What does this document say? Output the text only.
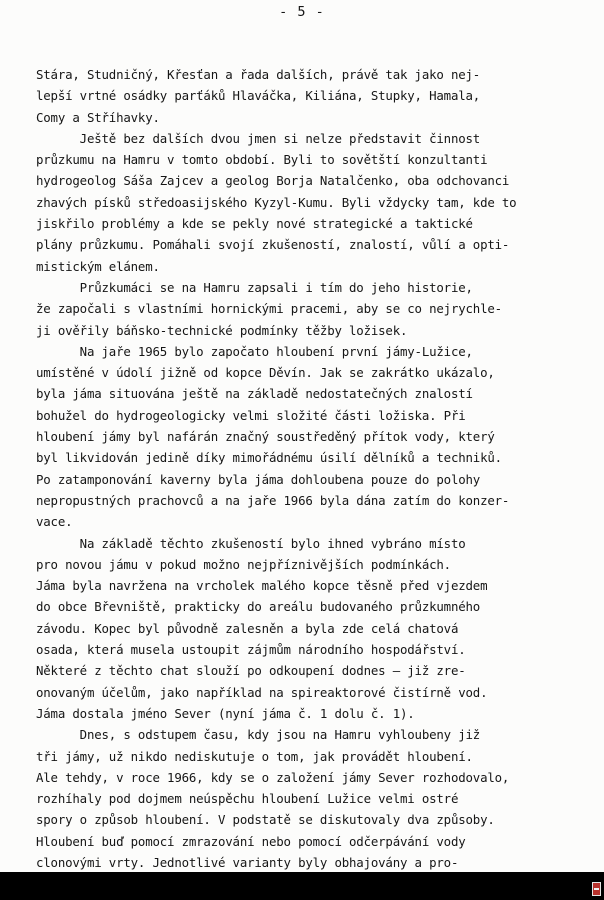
- 5 -
Stára, Studničný, Křesťan a řada dalších, právě tak jako nej-
lepší vrtné osádky parťáků Hlaváčka, Kiliána, Stupky, Hamala,
Comy a Stříhavky.
Ještě bez dalších dvou jmen si nelze představit činnost
průzkumu na Hamru v tomto období. Byli to sovětští konzultanti
hydrogeolog Sáša Zajcev a geolog Borja Natalčenko, oba odchovanci
zhavých písků středoasijského Kyzyl-Kumu. Byli vždycky tam, kde to
jiskřilo problémy a kde se pekly nové strategické a taktické
plány průzkumu. Pomáhali svojí zkušeností, znalostí, vůlí a opti-
mistickým elánem.
Průzkumáci se na Hamru zapsali i tím do jeho historie,
že započali s vlastními hornickými pracemi, aby se co nejrychle-
ji ověřily báňsko-technické podmínky těžby ložisek.
Na jaře 1965 bylo započato hloubení první jámy-Lužice,
umístěné v údolí jižně od kopce Děvín. Jak se zakrátko ukázalo,
byla jáma situována ještě na základě nedostatečných znalostí
bohužel do hydrogeologicky velmi složité části ložiska. Při
hloubení jámy byl nafárán značný soustředěný přítok vody, který
byl likvidován jedině díky mimořádnému úsilí dělníků a techniků.
Po zatamponování kaverny byla jáma dohloubena pouze do polohy
nepropustných prachovců a na jaře 1966 byla dána zatím do konzer-
vace.
Na základě těchto zkušeností bylo ihned vybráno místo
pro novou jámu v pokud možno nejpříznivějších podmínkách.
Jáma byla navržena na vrcholek malého kopce těsně před vjezdem
do obce Břevniště, prakticky do areálu budovaného průzkumného
závodu. Kopec byl původně zalesněn a byla zde celá chatová
osada, která musela ustoupit zájmům národního hospodářství.
Některé z těchto chat slouží po odkoupení dodnes – již zre-
onovaným účelům, jako například na spireaktorové čistírně vod.
Jáma dostala jméno Sever (nyní jáma č. 1 dolu č. 1).
Dnes, s odstupem času, kdy jsou na Hamru vyhloubeny již
tři jámy, už nikdo nediskutuje o tom, jak provádět hloubení.
Ale tehdy, v roce 1966, kdy se o založení jámy Sever rozhodovalo,
rozhíhaly pod dojmem neúspěchu hloubení Lužice velmi ostré
spory o způsob hloubení. V podstatě se diskutovaly dva způsoby.
Hloubení buď pomocí zmrazování nebo pomocí odčerpávání vody
clonovými vrty. Jednotlivé varianty byly obhajovány a pro-
